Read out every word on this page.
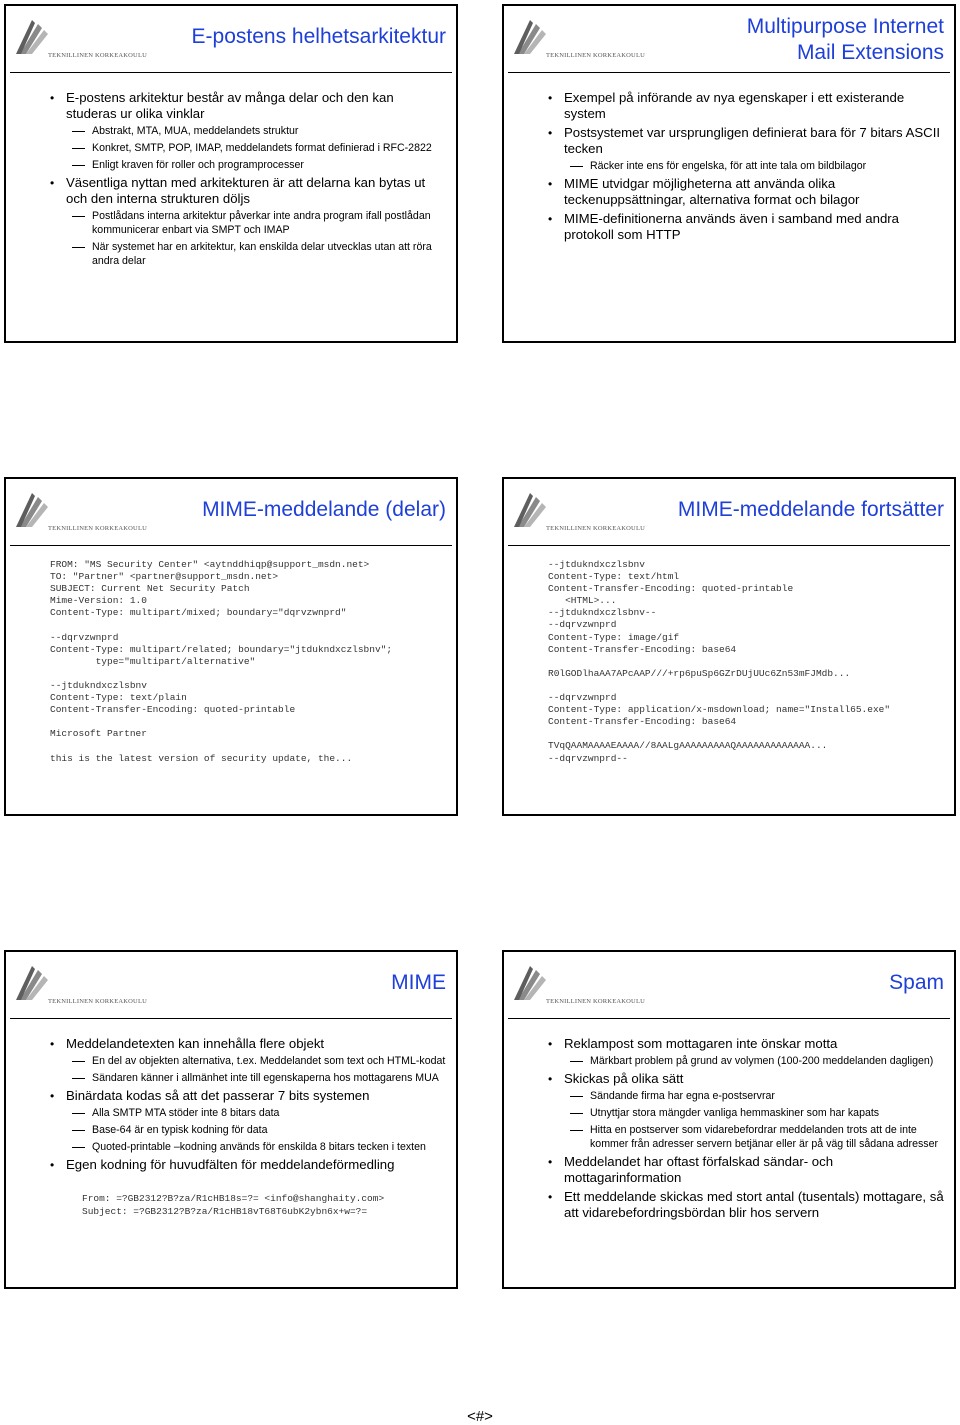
TEKNILLINEN KORKEAKOULU
E-postens helhetsarkitektur
• E-postens arkitektur består av många delar och den kan studeras ur olika vinklar
Abstrakt, MTA, MUA, meddelandets struktur
Konkret, SMTP, POP, IMAP, meddelandets format definierad i RFC-2822
Enligt kraven för roller och programprocesser
• Väsentliga nyttan med arkitekturen är att delarna kan bytas ut och den interna strukturen döljs
Postlådans interna arkitektur påverkar inte andra program ifall postlådan kommunicerar enbart via SMPT och IMAP
När systemet har en arkitektur, kan enskilda delar utvecklas utan att röra andra delar
TEKNILLINEN KORKEAKOULU
Multipurpose Internet
Mail Extensions
• Exempel på införande av nya egenskaper i ett existerande system
• Postsystemet var ursprungligen definierat bara för 7 bitars ASCII tecken
Räcker inte ens för engelska, för att inte tala om bildbilagor
• MIME utvidgar möjligheterna att använda olika teckenuppsättningar, alternativa format och bilagor
• MIME-definitionerna används även i samband med andra protokoll som HTTP
TEKNILLINEN KORKEAKOULU
MIME-meddelande (delar)
FROM: "MS Security Center" <aytnddhiqp@support_msdn.net>
TO: "Partner" <partner@support_msdn.net>
SUBJECT: Current Net Security Patch
Mime-Version: 1.0
Content-Type: multipart/mixed; boundary="dqrvzwnprd"

--dqrvzwnprd
Content-Type: multipart/related; boundary="jtdukndxczlsbnv";
type="multipart/alternative"

--jtdukndxczlsbnv
Content-Type: text/plain
Content-Transfer-Encoding: quoted-printable

Microsoft Partner

this is the latest version of security update, the...
TEKNILLINEN KORKEAKOULU
MIME-meddelande fortsätter
--jtdukndxczlsbnv
Content-Type: text/html
Content-Transfer-Encoding: quoted-printable
<HTML>...
--jtdukndxczlsbnv--
--dqrvzwnprd
Content-Type: image/gif
Content-Transfer-Encoding: base64

R0lGODlhaAA7APcAAP///+rp6puSp6GZrDUjUUc6Zn53mFJMdb...

--dqrvzwnprd
Content-Type: application/x-msdownload; name="Install65.exe"
Content-Transfer-Encoding: base64

TVqQAAMAAAAEAAAA//8AALgAAAAAAAAAQAAAAAAAAAAAAA...
--dqrvzwnprd--
TEKNILLINEN KORKEAKOULU
MIME
• Meddelandetexten kan innehålla flere objekt
En del av objekten alternativa, t.ex. Meddelandet som text och HTML-kodat
Sändaren känner i allmänhet inte till egenskaperna hos mottagarens MUA
• Binärdata kodas så att det passerar 7 bits systemen
Alla SMTP MTA stöder inte 8 bitars data
Base-64 är en typisk kodning för data
Quoted-printable –kodning används för enskilda 8 bitars tecken i texten
• Egen kodning för huvudfälten för meddelandeförmedling
From: =?GB2312?B?za/R1cHB18s=?= <info@shanghaity.com>
Subject: =?GB2312?B?za/R1cHB18vT68T6ubK2ybn6x+w=?=
TEKNILLINEN KORKEAKOULU
Spam
• Reklampost som mottagaren inte önskar motta
Märkbart problem på grund av volymen (100-200 meddelanden dagligen)
• Skickas på olika sätt
Sändande firma har egna e-postservrar
Utnyttjar stora mängder vanliga hemmaskiner som har kapats
Hitta en postserver som vidarebefordrar meddelanden trots att de inte kommer från adresser servern betjänar eller är på väg till sådana adresser
• Meddelandet har oftast förfalskad sändar- och mottagarinformation
• Ett meddelande skickas med stort antal (tusentals) mottagare, så att vidarebefordringsbördan blir hos servern
<#>
